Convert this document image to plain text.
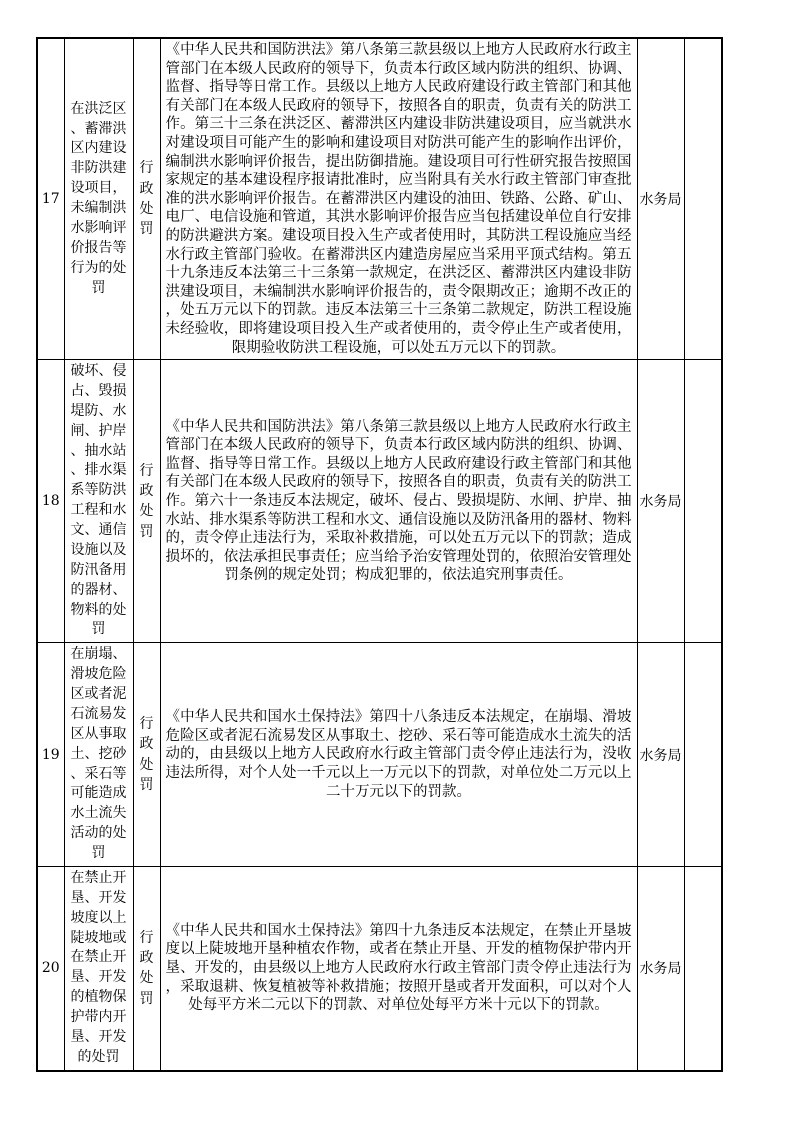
17	在洪泛区、蓄滞洪区内建设非防洪建设项目，未编制洪水影响评价报告等行为的处罚	行政处罚	《中华人民共和国防洪法》第八条第三款县级以上地方人民政府水行政主管部门在本级人民政府的领导下，负责本行政区域内防洪的组织、协调、监督、指导等日常工作。县级以上地方人民政府建设行政主管部门和其他有关部门在本级人民政府的领导下，按照各自的职责，负责有关的防洪工作。第三十三条在洪泛区、蓄滞洪区内建设非防洪建设项目，应当就洪水对建设项目可能产生的影响和建设项目对防洪可能产生的影响作出评价，编制洪水影响评价报告，提出防御措施。建设项目可行性研究报告按照国家规定的基本建设程序报请批准时，应当附具有关水行政主管部门审查批准的洪水影响评价报告。在蓄滞洪区内建设的油田、铁路、公路、矿山、电厂、电信设施和管道，其洪水影响评价报告应当包括建设单位自行安排的防洪避洪方案。建设项目投入生产或者使用时，其防洪工程设施应当经水行政主管部门验收。在蓄滞洪区内建造房屋应当采用平顶式结构。第五十九条违反本法第三十三条第一款规定，在洪泛区、蓄滞洪区内建设非防洪建设项目，未编制洪水影响评价报告的，责令限期改正；逾期不改正的，处五万元以下的罚款。违反本法第三十三条第二款规定，防洪工程设施未经验收，即将建设项目投入生产或者使用的，责令停止生产或者使用，限期验收防洪工程设施，可以处五万元以下的罚款。	水务局	
18	破坏、侵占、毁损堤防、水闸、护岸、抽水站、排水渠系等防洪工程和水文、通信设施以及防汛备用的器材、物料的处罚	行政处罚	《中华人民共和国防洪法》第八条第三款县级以上地方人民政府水行政主管部门在本级人民政府的领导下，负责本行政区域内防洪的组织、协调、监督、指导等日常工作。县级以上地方人民政府建设行政主管部门和其他有关部门在本级人民政府的领导下，按照各自的职责，负责有关的防洪工作。第六十一条违反本法规定，破坏、侵占、毁损堤防、水闸、护岸、抽水站、排水渠系等防洪工程和水文、通信设施以及防汛备用的器材、物料的，责令停止违法行为，采取补救措施，可以处五万元以下的罚款；造成损坏的，依法承担民事责任；应当给予治安管理处罚的，依照治安管理处罚条例的规定处罚；构成犯罪的，依法追究刑事责任。	水务局	
19	在崩塌、滑坡危险区或者泥石流易发区从事取土、挖砂、采石等可能造成水土流失活动的处罚	行政处罚	《中华人民共和国水土保持法》第四十八条违反本法规定，在崩塌、滑坡危险区或者泥石流易发区从事取土、挖砂、采石等可能造成水土流失的活动的，由县级以上地方人民政府水行政主管部门责令停止违法行为，没收违法所得，对个人处一千元以上一万元以下的罚款，对单位处二万元以上二十万元以下的罚款。	水务局	
20	在禁止开垦、开发坡度以上陡坡地或在禁止开垦、开发的植物保护带内开垦、开发的处罚	行政处罚	《中华人民共和国水土保持法》第四十九条违反本法规定，在禁止开垦坡度以上陡坡地开垦种植农作物，或者在禁止开垦、开发的植物保护带内开垦、开发的，由县级以上地方人民政府水行政主管部门责令停止违法行为，采取退耕、恢复植被等补救措施；按照开垦或者开发面积，可以对个人处每平方米二元以下的罚款、对单位处每平方米十元以下的罚款。	水务局	
